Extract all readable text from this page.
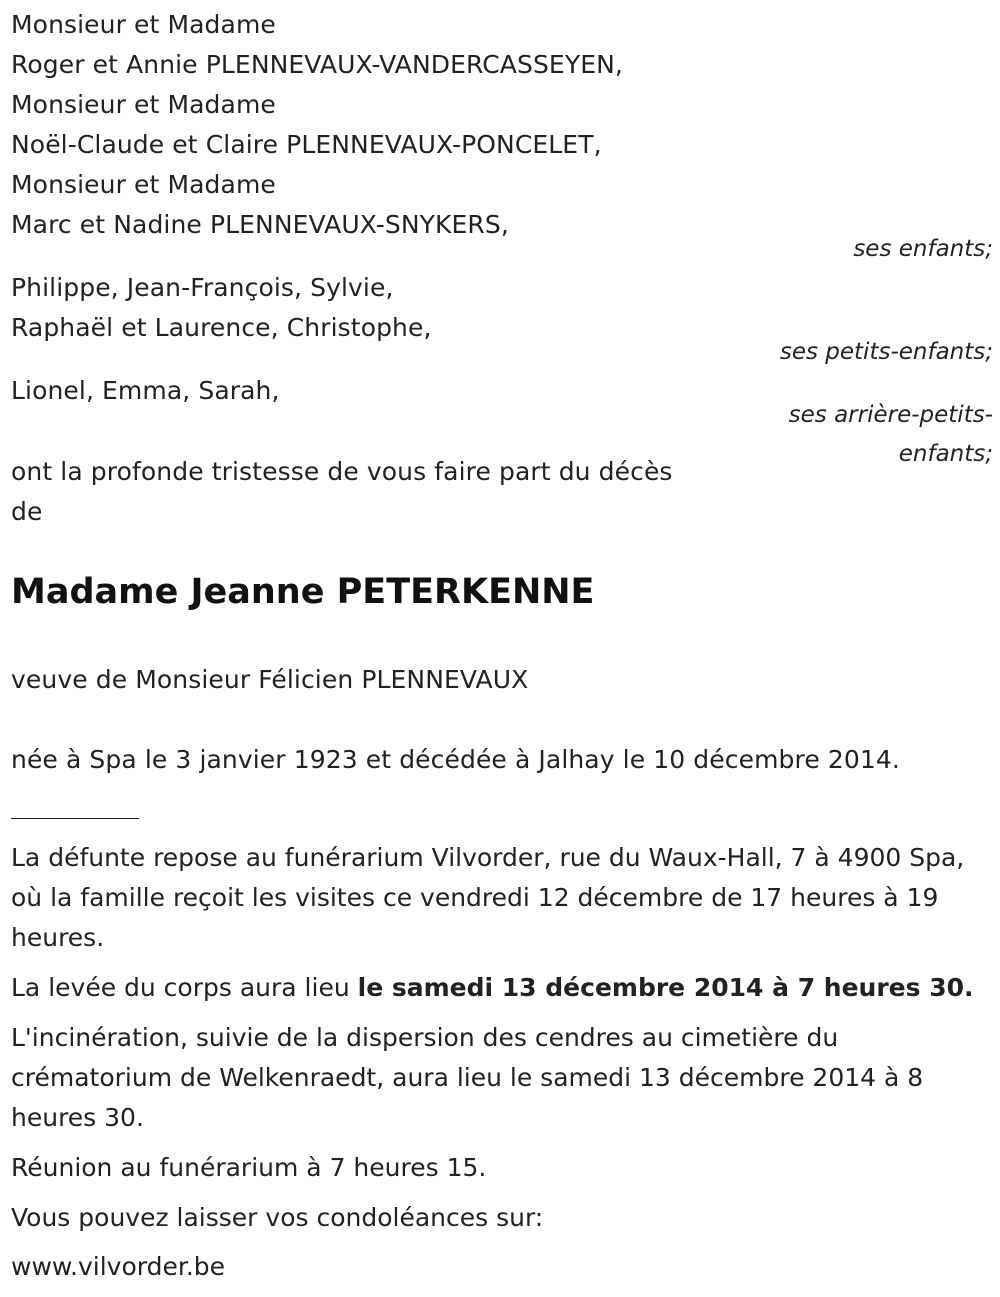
Monsieur et Madame
Roger et Annie PLENNEVAUX-VANDERCASSEYEN,
Monsieur et Madame
Noël-Claude et Claire PLENNEVAUX-PONCELET,
Monsieur et Madame
Marc et Nadine PLENNEVAUX-SNYKERS,
ses enfants;
Philippe, Jean-François, Sylvie,
Raphaël et Laurence, Christophe,
ses petits-enfants;
Lionel, Emma, Sarah,
ses arrière-petits-
enfants;
ont la profonde tristesse de vous faire part du décès
de
Madame Jeanne PETERKENNE
veuve de Monsieur Félicien PLENNEVAUX
née à Spa le 3 janvier 1923 et décédée à Jalhay le 10 décembre 2014.
La défunte repose au funérarium Vilvorder, rue du Waux-Hall, 7 à 4900 Spa, où la famille reçoit les visites ce vendredi 12 décembre de 17 heures à 19 heures.
La levée du corps aura lieu le samedi 13 décembre 2014 à 7 heures 30.
L'incinération, suivie de la dispersion des cendres au cimetière du crématorium de Welkenraedt, aura lieu le samedi 13 décembre 2014 à 8 heures 30.
Réunion au funérarium à 7 heures 15.
Vous pouvez laisser vos condoléances sur:
www.vilvorder.be
